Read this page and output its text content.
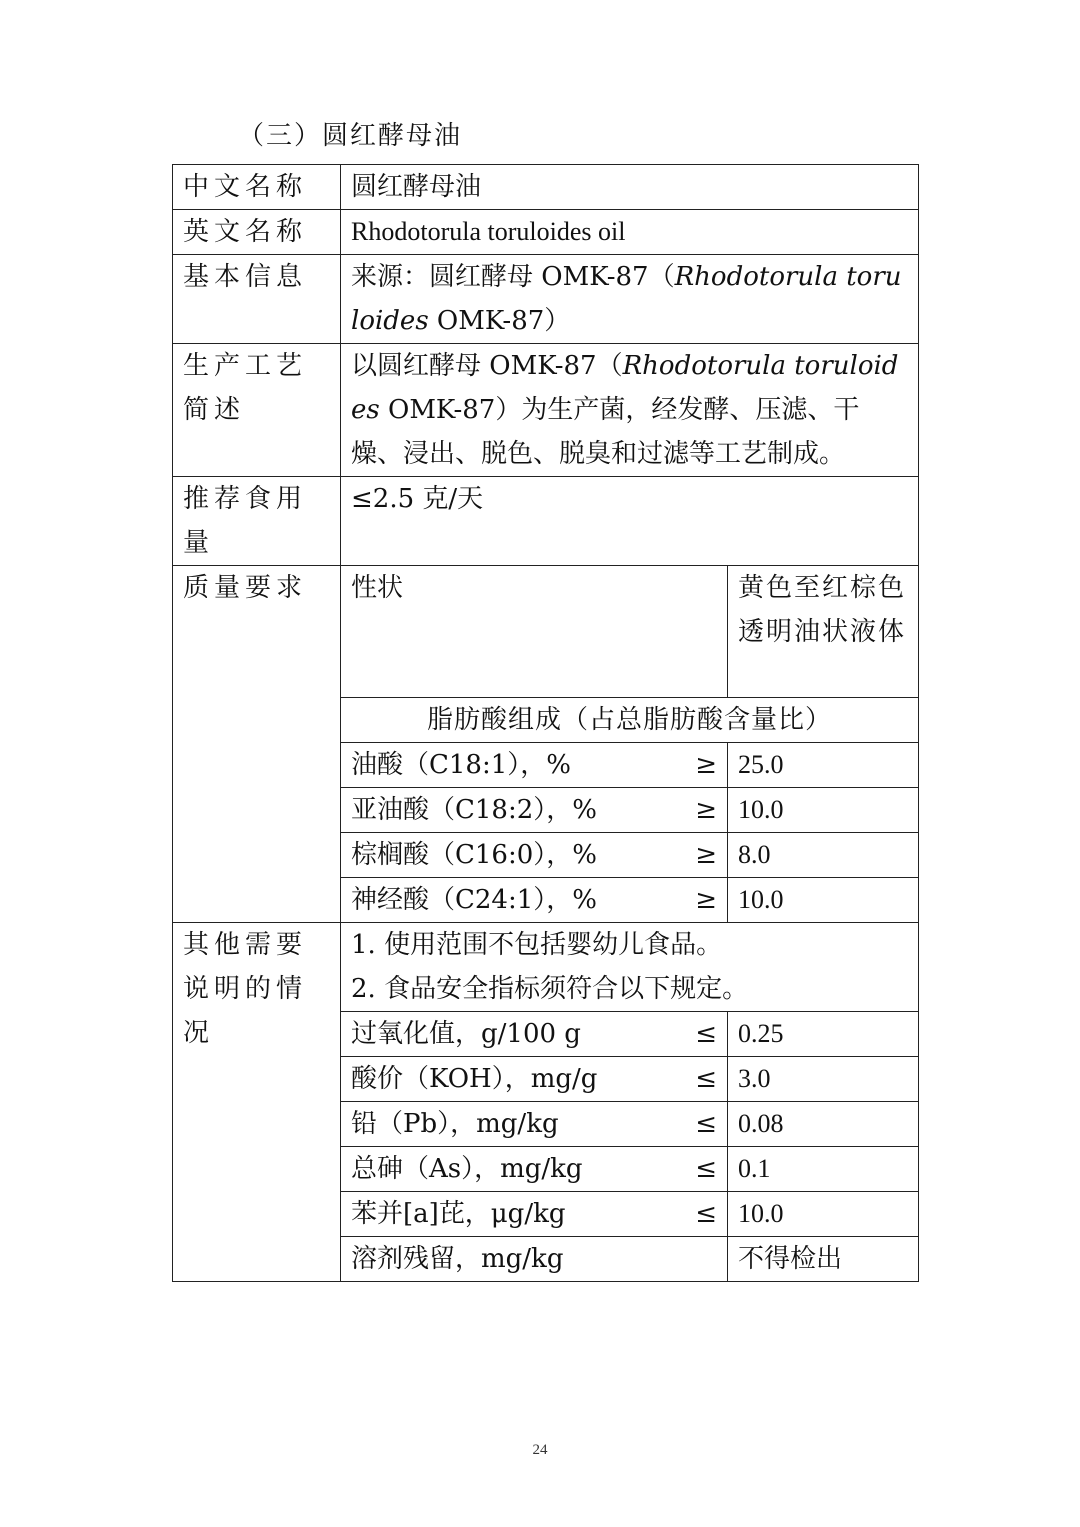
（三）圆红酵母油
中文名称	圆红酵母油		
英文名称	Rhodotorula toruloides oil		
基本信息	来源：圆红酵母 OMK-87（Rhodotorula toruloides OMK-87）		
生产工艺简述	以圆红酵母 OMK-87（Rhodotorula toruloides OMK-87）为生产菌，经发酵、压滤、干燥、浸出、脱色、脱臭和过滤等工艺制成。		
推荐食用量	≤2.5 克/天		
质量要求	性状		黄色至红棕色透明油状液体
	脂肪酸组成（占总脂肪酸含量比）		
	油酸（C18:1），%	≥	25.0
	亚油酸（C18:2），%	≥	10.0
	棕榈酸（C16:0），%	≥	8.0
	神经酸（C24:1），%	≥	10.0
其他需要说明的情况	1. 使用范围不包括婴幼儿食品。
2. 食品安全指标须符合以下规定。		

	过氧化值，g/100 g	≤	0.25
	酸价（KOH），mg/g	≤	3.0
	铅（Pb），mg/kg	≤	0.08
	总砷（As），mg/kg	≤	0.1
	苯并[a]芘，μg/kg	≤	10.0
	溶剂残留，mg/kg		不得检出
24
